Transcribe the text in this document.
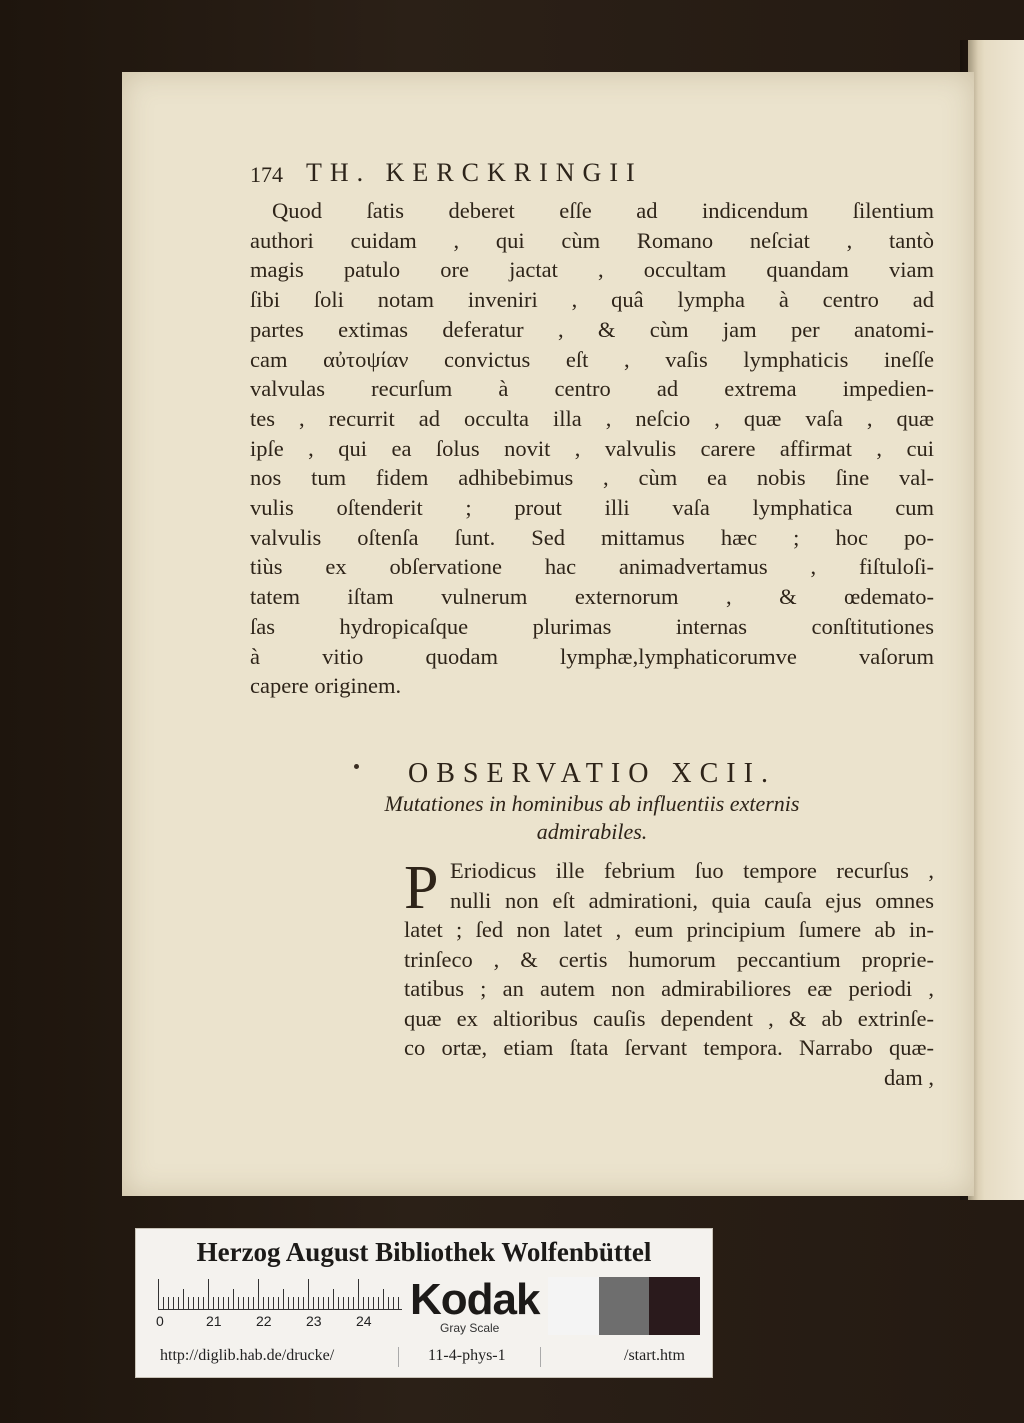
174 TH. KERCKRINGII
Quod ſatis deberet eſſe ad indicendum ſilentium
authori cuidam , qui cùm Romano neſciat , tantò
magis patulo ore jactat , occultam quandam viam
ſibi ſoli notam inveniri , quâ lympha à centro ad
partes extimas deferatur , & cùm jam per anatomi-
cam αὐτοψίαν convictus eſt , vaſis lymphaticis ineſſe
valvulas recurſum à centro ad extrema impedien-
tes , recurrit ad occulta illa , neſcio , quæ vaſa , quæ
ipſe , qui ea ſolus novit , valvulis carere affirmat , cui
nos tum fidem adhibebimus , cùm ea nobis ſine val-
vulis oſtenderit ; prout illi vaſa lymphatica cum
valvulis oſtenſa ſunt. Sed mittamus hæc ; hoc po-
tiùs ex obſervatione hac animadvertamus , fiſtuloſi-
tatem iſtam vulnerum externorum , & œdemato-
ſas hydropicaſque plurimas internas conſtitutiones
à vitio quodam lymphæ,lymphaticorumve vaſorum
capere originem.
OBSERVATIO XCII.
Mutationes in hominibus ab influentiis externis
admirabiles.
P Eriodicus ille febrium ſuo tempore recurſus ,
nulli non eſt admirationi, quia cauſa ejus omnes
latet ; ſed non latet , eum principium ſumere ab in-
trinſeco , & certis humorum peccantium proprie-
tatibus ; an autem non admirabiliores eæ periodi ,
quæ ex altioribus cauſis dependent , & ab extrinſe-
co ortæ, etiam ſtata ſervant tempora. Narrabo quæ-
dam ,
Herzog August Bibliothek Wolfenbüttel
0	21 22 23 24 Kodak
Gray Scale
http://diglib.hab.de/drucke/	11-4-phys-1	/start.htm
